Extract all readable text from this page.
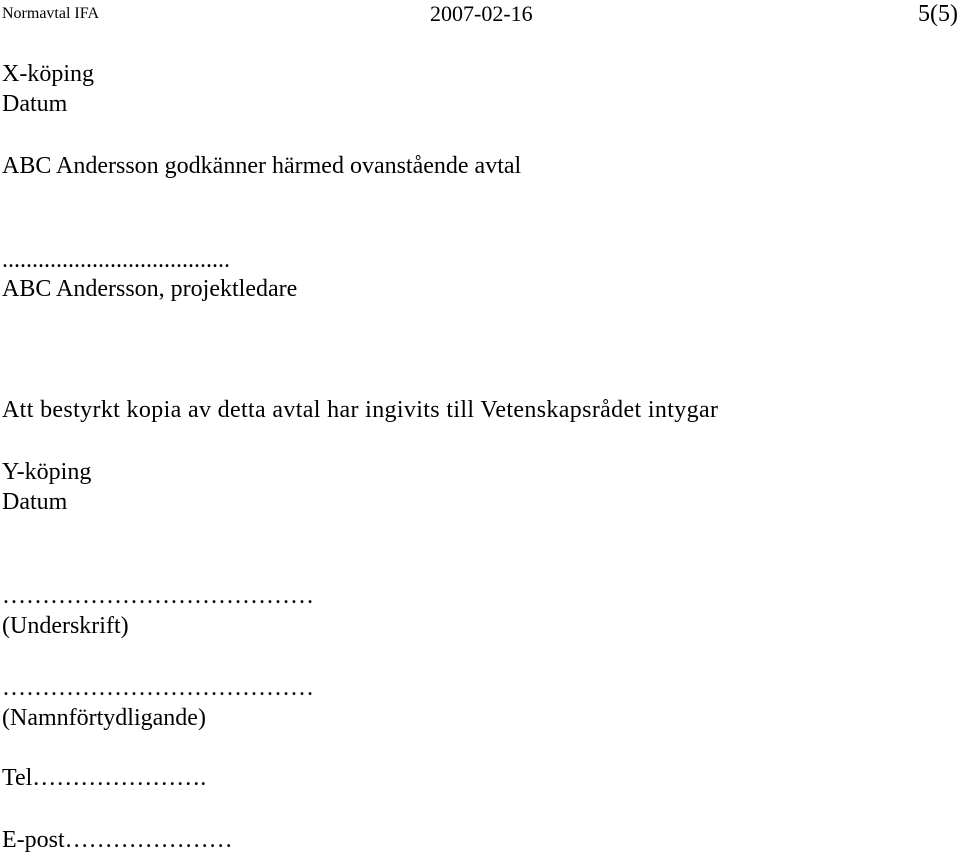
Normavtal IFA	2007-02-16	5(5)
X-köping
Datum
ABC Andersson godkänner härmed ovanstående avtal
......................................
ABC Andersson, projektledare
Att bestyrkt kopia av detta avtal har ingivits till Vetenskapsrådet intygar
Y-köping
Datum
…………………………………
(Underskrift)
…………………………………
(Namnförtydligande)
Tel………………….
E-post…………………
